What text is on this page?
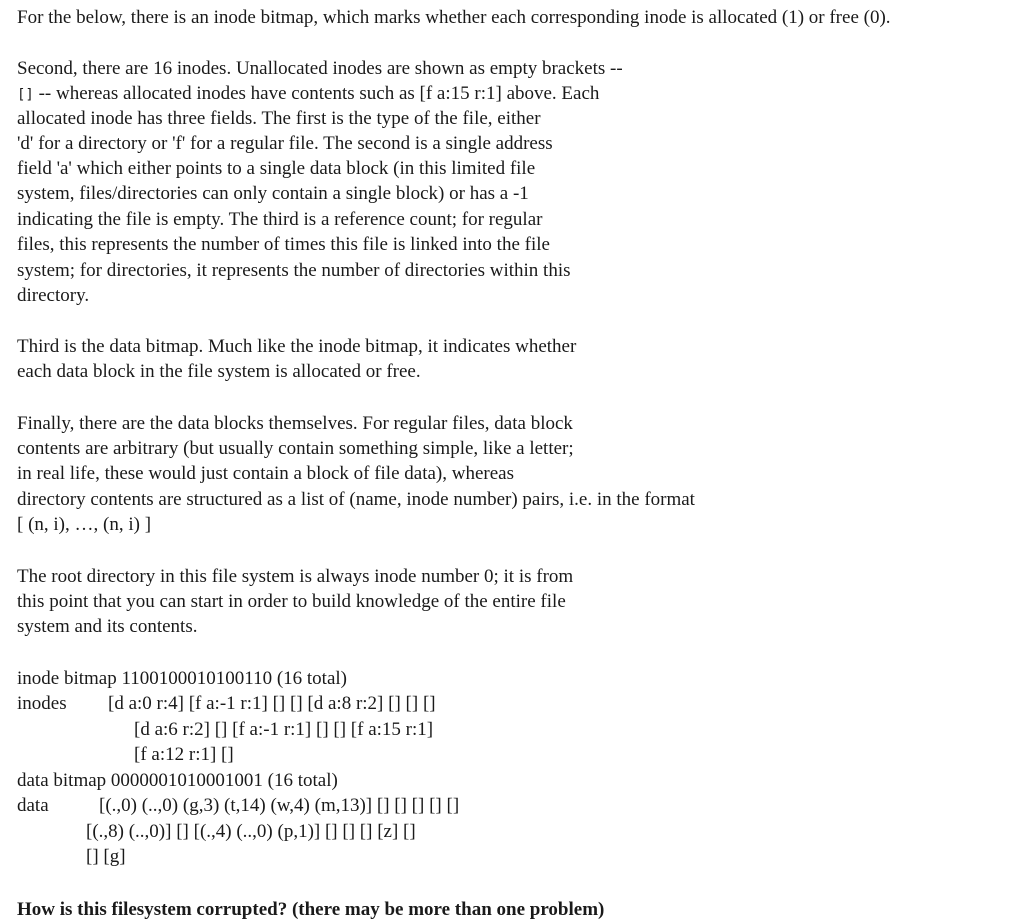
For the below, there is an inode bitmap, which marks whether each corresponding inode is allocated (1) or free (0).
Second, there are 16 inodes. Unallocated inodes are shown as empty brackets --
[] -- whereas allocated inodes have contents such as [f a:15 r:1] above. Each
allocated inode has three fields. The first is the type of the file, either
'd' for a directory or 'f' for a regular file. The second is a single address
field 'a' which either points to a single data block (in this limited file
system, files/directories can only contain a single block) or has a -1
indicating the file is empty. The third is a reference count; for regular
files, this represents the number of times this file is linked into the file
system; for directories, it represents the number of directories within this
directory.
Third is the data bitmap. Much like the inode bitmap, it indicates whether
each data block in the file system is allocated or free.
Finally, there are the data blocks themselves. For regular files, data block
contents are arbitrary (but usually contain something simple, like a letter;
in real life, these would just contain a block of file data), whereas
directory contents are structured as a list of (name, inode number) pairs, i.e. in the format
[ (n, i), …, (n, i) ]
The root directory in this file system is always inode number 0; it is from
this point that you can start in order to build knowledge of the entire file
system and its contents.
inode bitmap 1100100010100110 (16 total)
inodes [d a:0 r:4] [f a:-1 r:1] [] [] [d a:8 r:2] [] [] []
[d a:6 r:2] [] [f a:-1 r:1] [] [] [f a:15 r:1]
[f a:12 r:1] []
data bitmap 0000001010001001 (16 total)
data	[(.,0) (..,0) (g,3) (t,14) (w,4) (m,13)] [] [] [] [] []
[(.,8) (..,0)] [] [(.,4) (..,0) (p,1)] [] [] [] [z] []
[] [g]
How is this filesystem corrupted? (there may be more than one problem)
